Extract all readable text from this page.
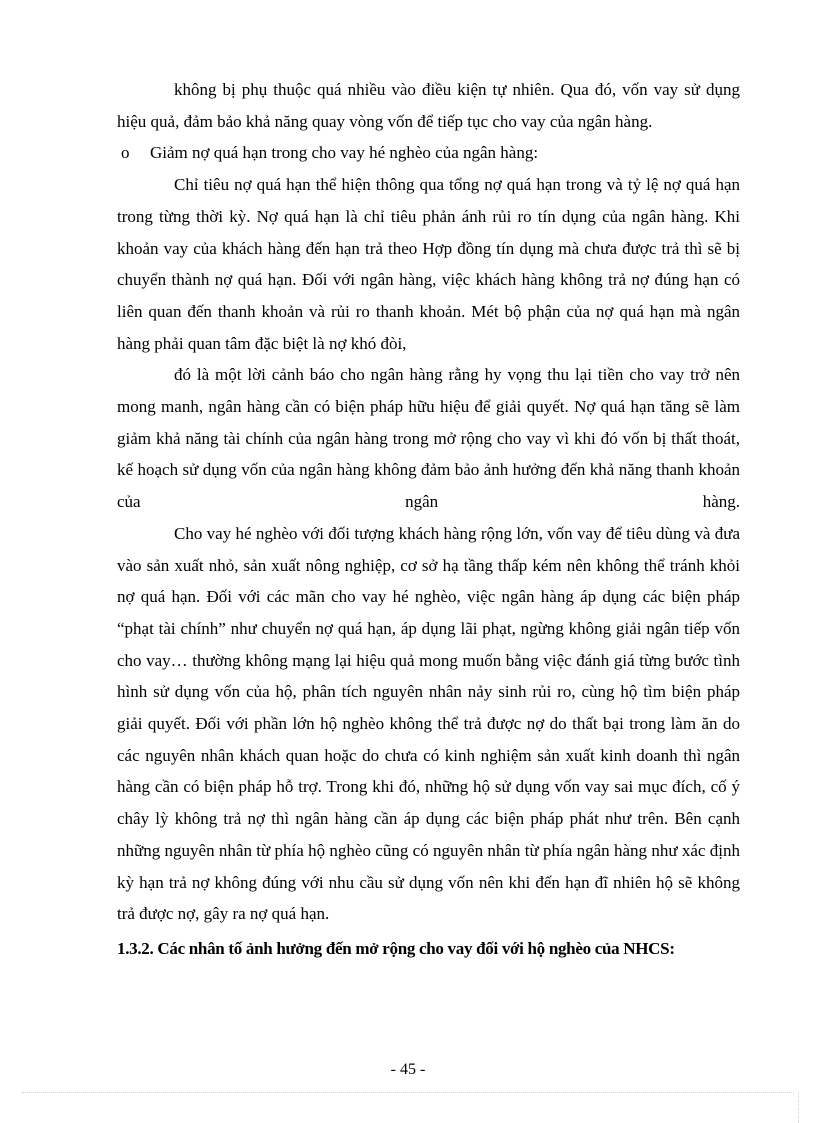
không bị phụ thuộc quá nhiều vào điều kiện tự nhiên. Qua đó, vốn vay sử dụng hiệu quả, đảm bảo khả năng quay vòng vốn để tiếp tục cho vay của ngân hàng.

o Giảm nợ quá hạn trong cho vay hé nghèo của ngân hàng:

Chỉ tiêu nợ quá hạn thể hiện thông qua tổng nợ quá hạn trong và tỷ lệ nợ quá hạn trong từng thời kỳ. Nợ quá hạn là chỉ tiêu phản ánh rủi ro tín dụng của ngân hàng. Khi khoản vay của khách hàng đến hạn trả theo Hợp đồng tín dụng mà chưa được trả thì sẽ bị chuyển thành nợ quá hạn. Đối với ngân hàng, việc khách hàng không trả nợ đúng hạn có liên quan đến thanh khoản và rủi ro thanh khoản. Mét bộ phận của nợ quá hạn mà ngân hàng phải quan tâm đặc biệt là nợ khó đòi,

đó là một lời cảnh báo cho ngân hàng rằng hy vọng thu lại tiền cho vay trở nên mong manh, ngân hàng cần có biện pháp hữu hiệu để giải quyết. Nợ quá hạn tăng sẽ làm giảm khả năng tài chính của ngân hàng trong mở rộng cho vay vì khi đó vốn bị thất thoát, kế hoạch sử dụng vốn của ngân hàng không đảm bảo ảnh hưởng đến khả năng thanh khoản của ngân hàng.

Cho vay hé nghèo với đối tượng khách hàng rộng lớn, vốn vay để tiêu dùng và đưa vào sản xuất nhỏ, sản xuất nông nghiệp, cơ sở hạ tầng thấp kém nên không thể tránh khỏi nợ quá hạn. Đối với các mãn cho vay hé nghèo, việc ngân hàng áp dụng các biện pháp “phạt tài chính” như chuyển nợ quá hạn, áp dụng lãi phạt, ngừng không giải ngân tiếp vốn cho vay… thường không mạng lại hiệu quả mong muốn bằng việc đánh giá từng bước tình hình sử dụng vốn của hộ, phân tích nguyên nhân nảy sinh rủi ro, cùng hộ tìm biện pháp giải quyết. Đối với phần lớn hộ nghèo không thể trả được nợ do thất bại trong làm ăn do các nguyên nhân khách quan hoặc do chưa có kinh nghiệm sản xuất kinh doanh thì ngân hàng cần có biện pháp hỗ trợ. Trong khi đó, những hộ sử dụng vốn vay sai mục đích, cố ý chây lỳ không trả nợ thì ngân hàng cần áp dụng các biện pháp phát như trên. Bên cạnh những nguyên nhân từ phía hộ nghèo cũng có nguyên nhân từ phía ngân hàng như xác định kỳ hạn trả nợ không đúng với nhu cầu sử dụng vốn nên khi đến hạn đĩ nhiên hộ sẽ không trả được nợ, gây ra nợ quá hạn.

1.3.2. Các nhân tố ảnh hưởng đến mở rộng cho vay đối với hộ nghèo của NHCS:

- 45 -
